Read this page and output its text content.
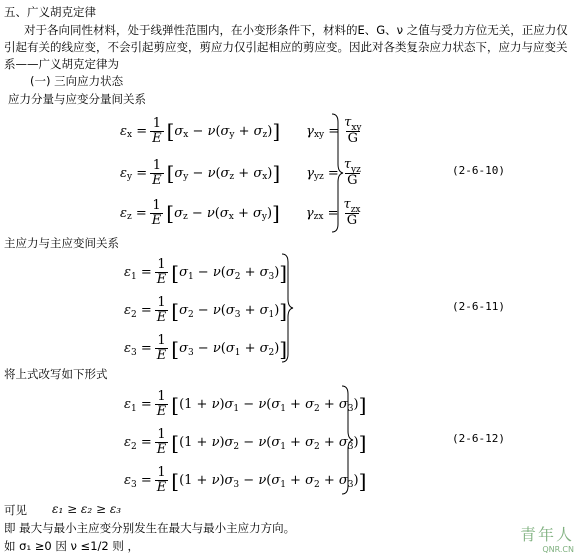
五、广义胡克定律
对于各向同性材料，处于线弹性范围内，在小变形条件下，材料的E、G、ν 之值与受力方位无关，正应力仅
引起有关的线应变，不会引起剪应变，剪应力仅引起相应的剪应变。因此对各类复杂应力状态下，应力与应变关
系——广义胡克定律为
(一) 三向应力状态
应力分量与应变分量间关系
ε $x = \frac{1}{E}$ [ σ x − ν ( σ y + σ z ) ] γ xy = $\frac{\tau_{xy}}{G}$
ε $y = \frac{1}{E}$ [ σ y − ν ( σ z + σ x ) ] γ yz = $\frac{\tau_{yz}}{G}$
ε $z = \frac{1}{E}$ [ σ z − ν ( σ x + σ y ) ] γ zx = $\frac{\tau_{zx}}{G}$
(2-6-10)
主应力与主应变间关系
ε $1 = \frac{1}{E}$ [ σ 1 − ν ( σ 2 + σ 3 ) ]
ε $2 = \frac{1}{E}$ [ σ 2 − ν ( σ 3 + σ 1 ) ]
ε $3 = \frac{1}{E}$ [ σ 3 − ν ( σ 1 + σ 2 ) ]
(2-6-11)
将上式改写如下形式
ε $1 = \frac{1}{E}$ [ (1 + ν ) σ 1 − ν ( σ 1 + σ 2 + σ 3 ) ]
ε $2 = \frac{1}{E}$ [ (1 + ν ) σ 2 − ν ( σ 1 + σ 2 + σ 3 ) ]
ε $3 = \frac{1}{E}$ [ (1 + ν ) σ 3 − ν ( σ 1 + σ 2 + σ 3 ) ]
(2-6-12)
可见 ε₁ ≥ ε₂ ≥ ε₃
即 最大与最小主应变分别发生在最大与最小主应力方向。
如 σ₁ ≥0 因 ν ≤1/2 则 ，
青年人
QNR.CN
